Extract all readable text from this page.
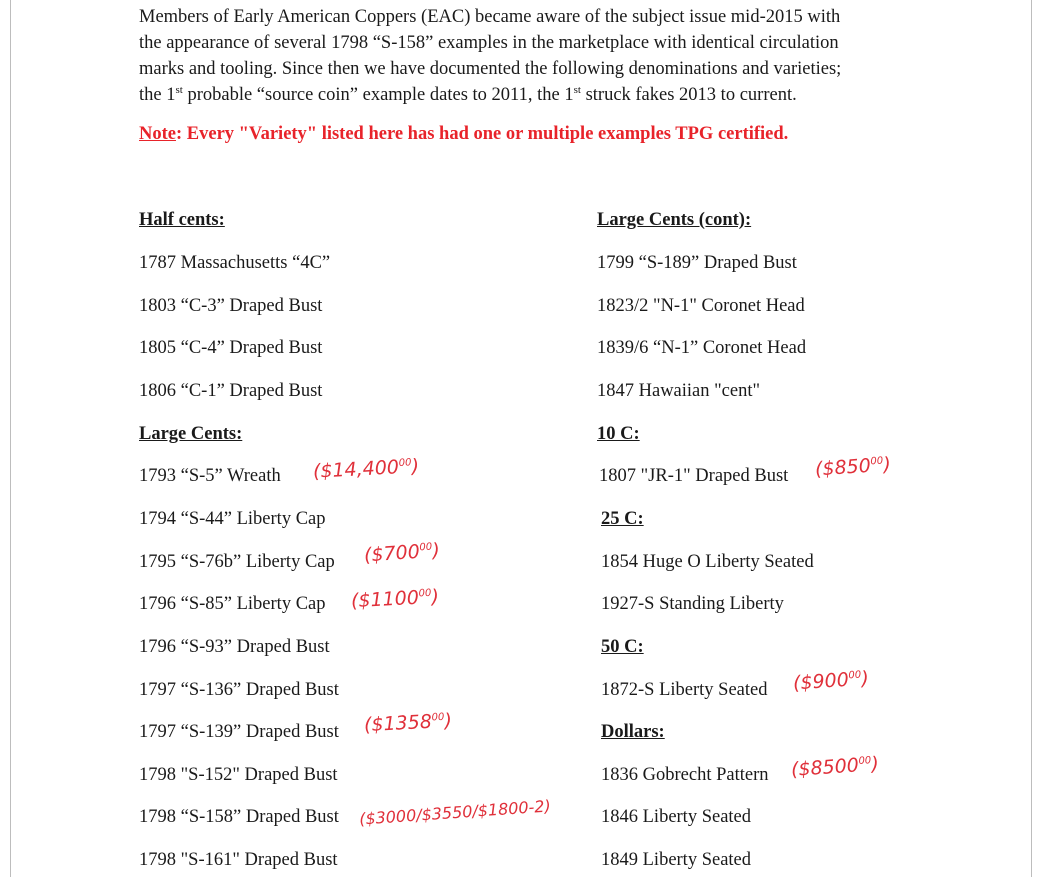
Members of Early American Coppers (EAC) became aware of the subject issue mid-2015 with
the appearance of several 1798 “S-158” examples in the marketplace with identical circulation
marks and tooling. Since then we have documented the following denominations and varieties;
the 1st probable “source coin” example dates to 2011, the 1st struck fakes 2013 to current.
Note: Every "Variety" listed here has had one or multiple examples TPG certified.
Half cents:
1787 Massachusetts “4C”
1803 “C-3” Draped Bust
1805 “C-4” Draped Bust
1806 “C-1” Draped Bust
Large Cents:
1793 “S-5” Wreath
1794 “S-44” Liberty Cap
1795 “S-76b” Liberty Cap
1796 “S-85” Liberty Cap
1796 “S-93” Draped Bust
1797 “S-136” Draped Bust
1797 “S-139” Draped Bust
1798 "S-152" Draped Bust
1798 “S-158” Draped Bust
1798 "S-161" Draped Bust
Large Cents (cont):
1799 “S-189” Draped Bust
1823/2 "N-1" Coronet Head
1839/6 “N-1” Coronet Head
1847 Hawaiian "cent"
10 C:
1807 "JR-1" Draped Bust
25 C:
1854 Huge O Liberty Seated
1927-S Standing Liberty
50 C:
1872-S Liberty Seated
Dollars:
1836 Gobrecht Pattern
1846 Liberty Seated
1849 Liberty Seated
($14,400$^{00}$)
$(\$700^{00})$
($1100$^{00}$)
($1358$^{00}$)
($3000/$3550/$1800-2)
$(\$850^{00})$
$(\$900^{00})$
($8500$^{00}$)
